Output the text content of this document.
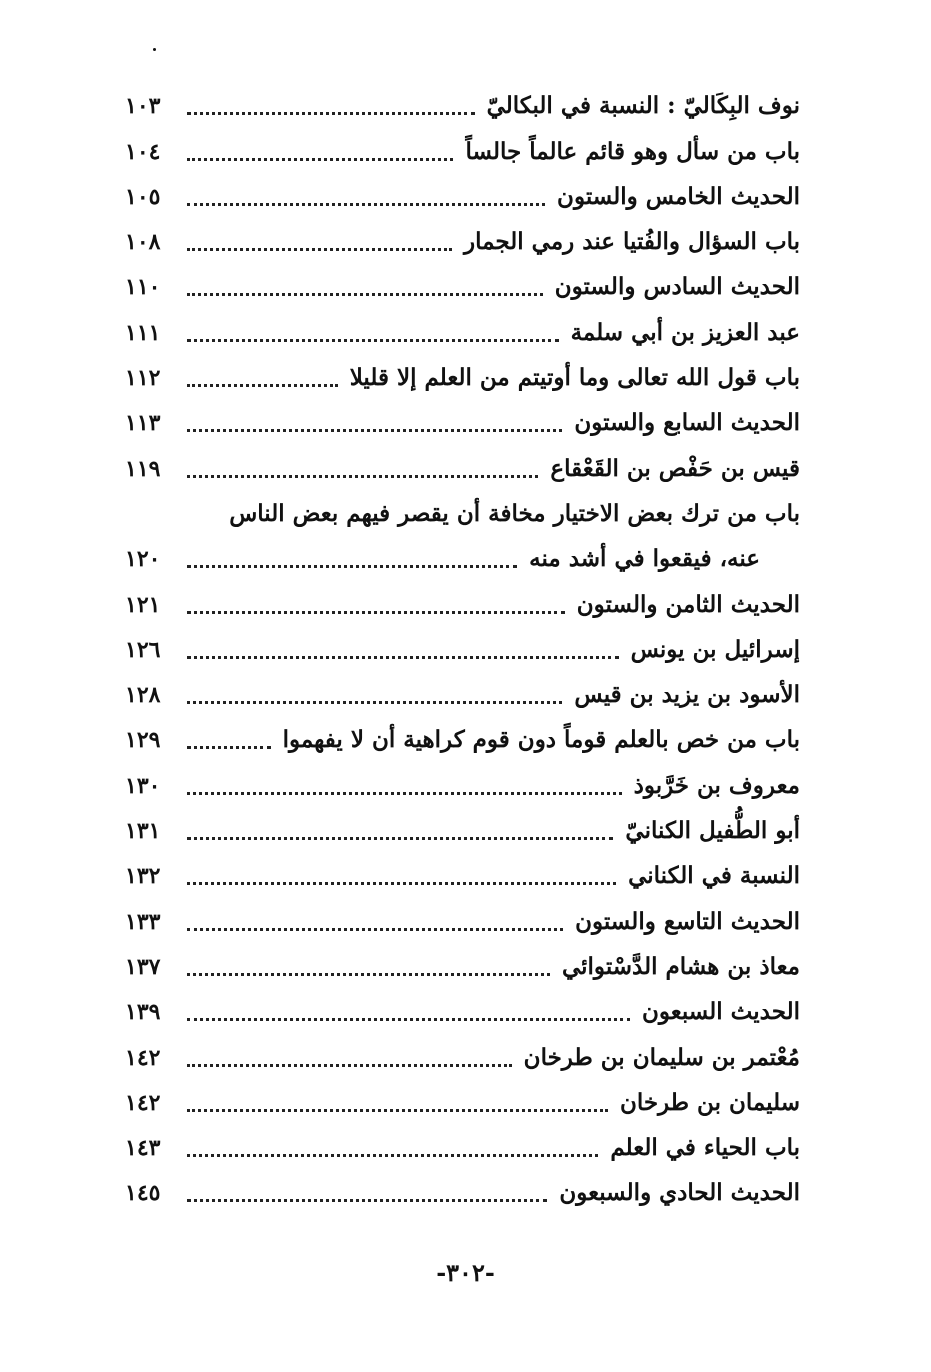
نوف البِكَاليّ : النسبة في البكاليّ
١٠٣
باب من سأل وهو قائم عالماً جالساً
١٠٤
الحديث الخامس والستون
١٠٥
باب السؤال والفُتيا عند رمي الجمار
١٠٨
الحديث السادس والستون
١١٠
عبد العزيز بن أبي سلمة
١١١
باب قول الله تعالى وما أوتيتم من العلم إلا قليلا
١١٢
الحديث السابع والستون
١١٣
قيس بن حَفْص بن القَعْقاع
١١٩
باب من ترك بعض الاختيار مخافة أن يقصر فيهم بعض الناس
عنه، فيقعوا في أشد منه
١٢٠
الحديث الثامن والستون
١٢١
إسرائيل بن يونس
١٢٦
الأسود بن يزيد بن قيس
١٢٨
باب من خص بالعلم قوماً دون قوم كراهية أن لا يفهموا
١٢٩
معروف بن خَرَّبوذ
١٣٠
أبو الطُّفيل الكنانيّ
١٣١
النسبة في الكناني
١٣٢
الحديث التاسع والستون
١٣٣
معاذ بن هشام الدَّسْتوائي
١٣٧
الحديث السبعون
١٣٩
مُعْتمر بن سليمان بن طرخان
١٤٢
سليمان بن طرخان
١٤٢
باب الحياء في العلم
١٤٣
الحديث الحادي والسبعون
١٤٥
-٣٠٢-
